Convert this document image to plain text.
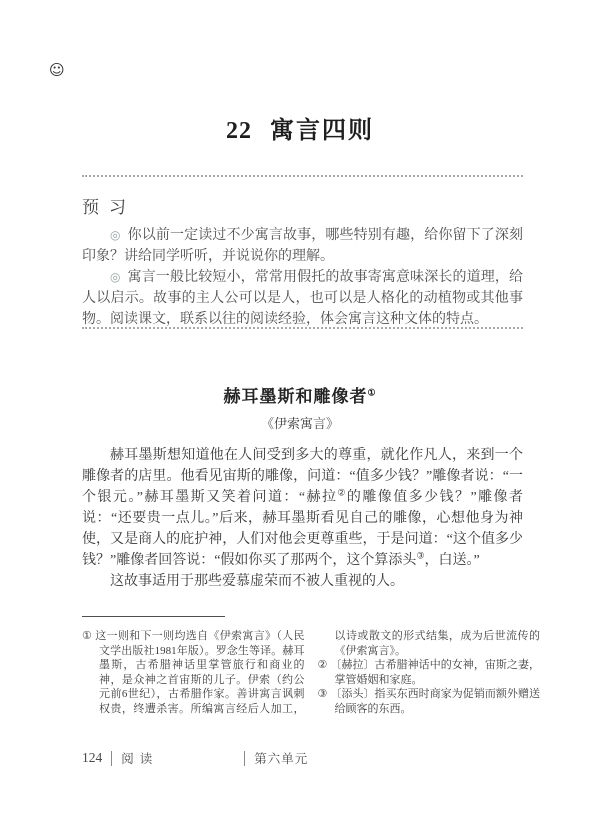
☺
22 寓言四则
预习

◎ 你以前一定读过不少寓言故事，哪些特别有趣，给你留下了深刻印象？讲给同学听听，并说说你的理解。

◎ 寓言一般比较短小，常常用假托的故事寄寓意味深长的道理，给人以启示。故事的主人公可以是人，也可以是人格化的动植物或其他事物。阅读课文，联系以往的阅读经验，体会寓言这种文体的特点。

赫耳墨斯和雕像者①
《伊索寓言》

赫耳墨斯想知道他在人间受到多大的尊重，就化作凡人，来到一个雕像者的店里。他看见宙斯的雕像，问道：“值多少钱？”雕像者说：“一个银元。”赫耳墨斯又笑着问道：“赫拉②的雕像值多少钱？”雕像者说：“还要贵一点儿。”后来，赫耳墨斯看见自己的雕像，心想他身为神使，又是商人的庇护神，人们对他会更尊重些，于是问道：“这个值多少钱？”雕像者回答说：“假如你买了那两个，这个算添头③，白送。”

这故事适用于那些爱慕虚荣而不被人重视的人。

① 这一则和下一则均选自《伊索寓言》（人民文学出版社1981年版）。罗念生等译。赫耳墨斯，古希腊神话里掌管旅行和商业的神，是众神之首宙斯的儿子。伊索（约公元前6世纪），古希腊作家。善讲寓言讽刺权贵，终遭杀害。所编寓言经后人加工，以诗或散文的形式结集，成为后世流传的《伊索寓言》。

② 〔赫拉〕古希腊神话中的女神，宙斯之妻，掌管婚姻和家庭。

③ 〔添头〕指买东西时商家为促销而额外赠送给顾客的东西。

124 阅读	第六单元
